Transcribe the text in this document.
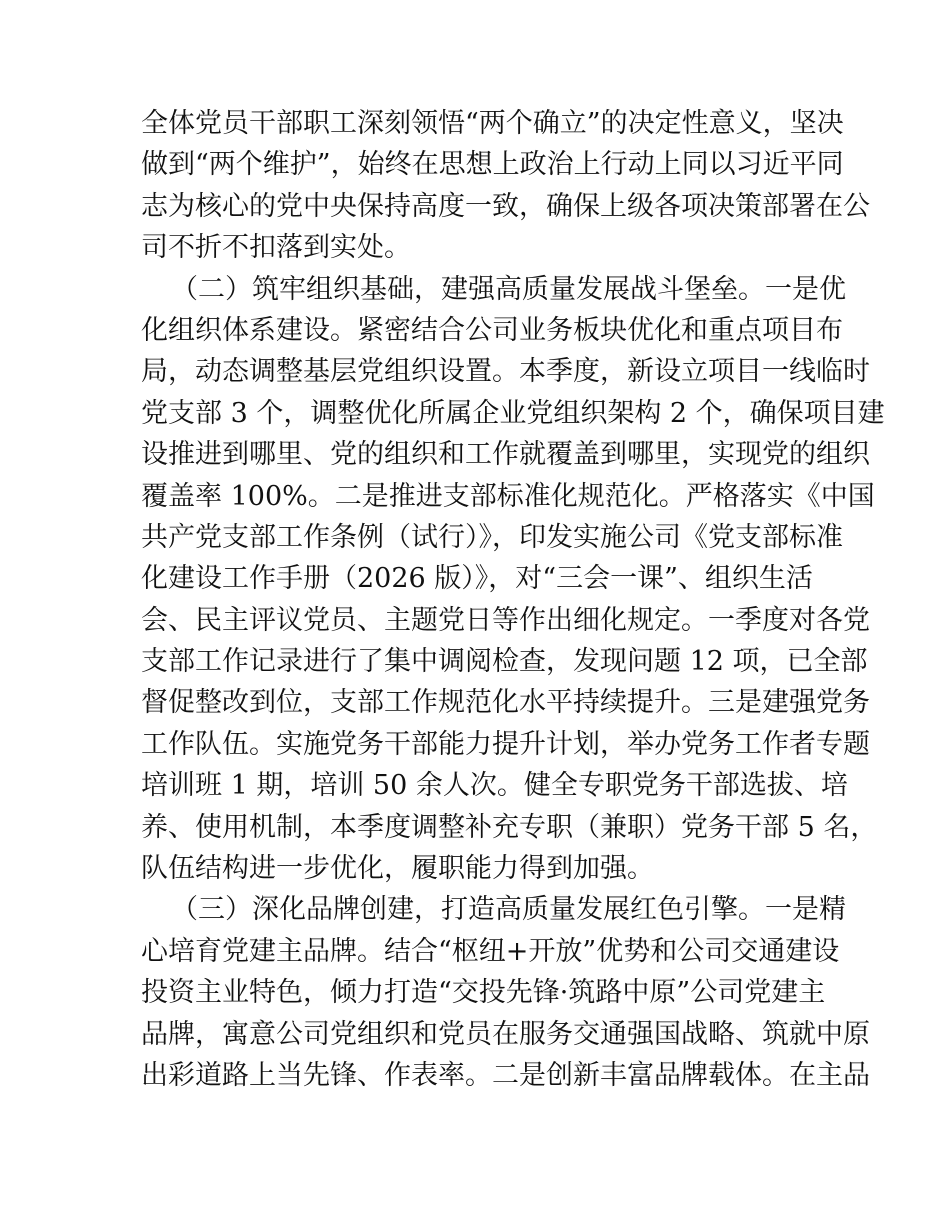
全体党员干部职工深刻领悟“两个确立”的决定性意义，坚决
做到“两个维护”，始终在思想上政治上行动上同以习近平同
志为核心的党中央保持高度一致，确保上级各项决策部署在公
司不折不扣落到实处。
（二）筑牢组织基础，建强高质量发展战斗堡垒。一是优
化组织体系建设。紧密结合公司业务板块优化和重点项目布
局，动态调整基层党组织设置。本季度，新设立项目一线临时
党支部 3 个，调整优化所属企业党组织架构 2 个，确保项目建
设推进到哪里、党的组织和工作就覆盖到哪里，实现党的组织
覆盖率 100%。二是推进支部标准化规范化。严格落实《中国
共产党支部工作条例（试行）》，印发实施公司《党支部标准
化建设工作手册（2026 版）》，对“三会一课”、组织生活
会、民主评议党员、主题党日等作出细化规定。一季度对各党
支部工作记录进行了集中调阅检查，发现问题 12 项，已全部
督促整改到位，支部工作规范化水平持续提升。三是建强党务
工作队伍。实施党务干部能力提升计划，举办党务工作者专题
培训班 1 期，培训 50 余人次。健全专职党务干部选拔、培
养、使用机制，本季度调整补充专职（兼职）党务干部 5 名，
队伍结构进一步优化，履职能力得到加强。
（三）深化品牌创建，打造高质量发展红色引擎。一是精
心培育党建主品牌。结合“枢纽+开放”优势和公司交通建设
投资主业特色，倾力打造“交投先锋·筑路中原”公司党建主
品牌，寓意公司党组织和党员在服务交通强国战略、筑就中原
出彩道路上当先锋、作表率。二是创新丰富品牌载体。在主品
